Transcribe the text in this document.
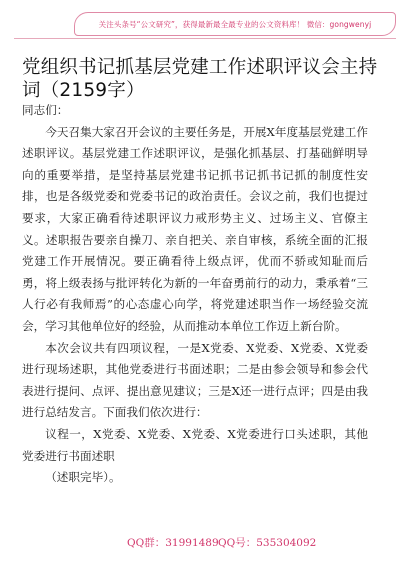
关注头条号“公文研究”，获得最新最全最专业的公文资料库！ 微信：gongwenyj
党组织书记抓基层党建工作述职评议会主持词（2159字）

同志们：

今天召集大家召开会议的主要任务是，开展X年度基层党建工作述职评议。基层党建工作述职评议，是强化抓基层、打基础鲜明导向的重要举措，是坚持基层党建书记抓书记抓书记抓的制度性安排，也是各级党委和党委书记的政治责任。会议之前，我们也提过要求，大家正确看待述职评议力戒形势主义、过场主义、官僚主义。述职报告要亲自操刀、亲自把关、亲自审核，系统全面的汇报党建工作开展情况。要正确看待上级点评，优而不骄或知耻而后勇，将上级表扬与批评转化为新的一年奋勇前行的动力，秉承着“三人行必有我师焉”的心态虚心向学，将党建述职当作一场经验交流会，学习其他单位好的经验，从而推动本单位工作迈上新台阶。

本次会议共有四项议程，一是X党委、X党委、X党委、X党委进行现场述职，其他党委进行书面述职；二是由参会领导和参会代表进行提问、点评、提出意见建议；三是X还一进行点评；四是由我进行总结发言。下面我们依次进行：

议程一，X党委、X党委、X党委、X党委进行口头述职，其他党委进行书面述职

（述职完毕）。

QQ群：31991489 QQ号：535304092
